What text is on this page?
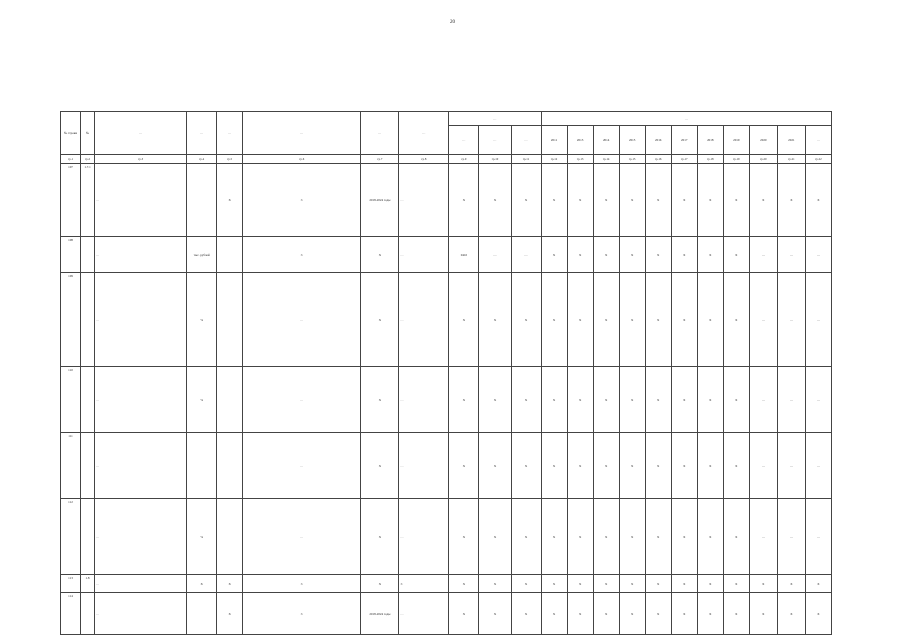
20
№ строки	№	…	…	…	…	…	…	…			…										
								…	…	…	2011	2013	2014	2015	2016	2017	2018	2019	2020	2021	…
гр.1	гр.2	гр.3	гр.4	гр.5	гр.6	гр.7	гр.8	гр.9	гр.10	гр.11	гр.12	гр.13	гр.14	гр.15	гр.16	гр.17	гр.18	гр.19	гр.20	гр.21	гр.22
107	1.7.1	…		X	X	2018-2024 годы	…	X	X	X	X	X	X	X	X	X	X	X	X	X	X
108		…	тыс. рублей		X	X	…	0410	…	…	X	X	X	X	X	X	X	X	…	…	…
109		…	%		…	X	…	X	X	X	X	X	X	X	X	X	X	X	…	…	…
110		…	%		…	X	…	X	X	X	X	X	X	X	X	X	X	X	…	…	…
111		…			…	X	…	X	X	X	X	X	X	X	X	X	X	X	…	…	…
112		…	%		…	X	…	X	X	X	X	X	X	X	X	X	X	X	…	…	…
113	1.8	…	X	X	X	X	X	X	X	X	X	X	X	X	X	X	X	X	X	X	X
114		…		X	X	2018-2024 годы	…	X	X	X	X	X	X	X	X	X	X	X	X	X	X
